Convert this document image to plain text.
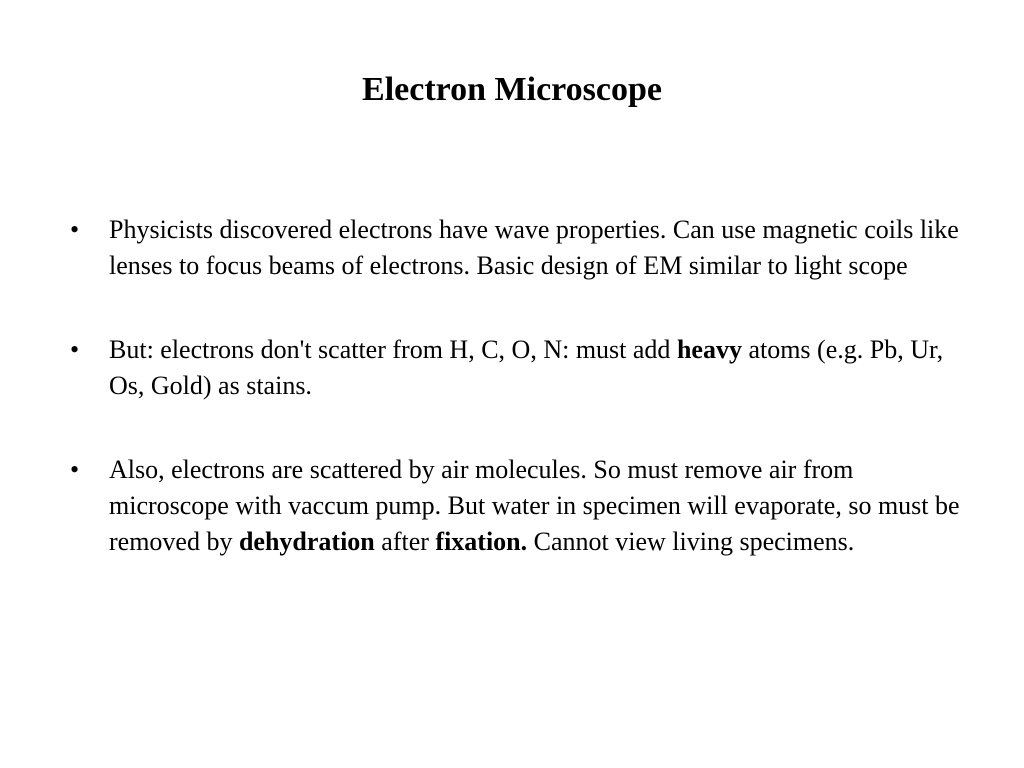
Electron Microscope
•	Physicists discovered electrons have wave properties. Can use magnetic coils like lenses to focus beams of electrons. Basic design of EM similar to light scope
•	But: electrons don't scatter from H, C, O, N: must add heavy atoms (e.g. Pb, Ur, Os, Gold) as stains.
•	Also, electrons are scattered by air molecules. So must remove air from microscope with vaccum pump. But water in specimen will evaporate, so must be removed by dehydration after fixation. Cannot view living specimens.
